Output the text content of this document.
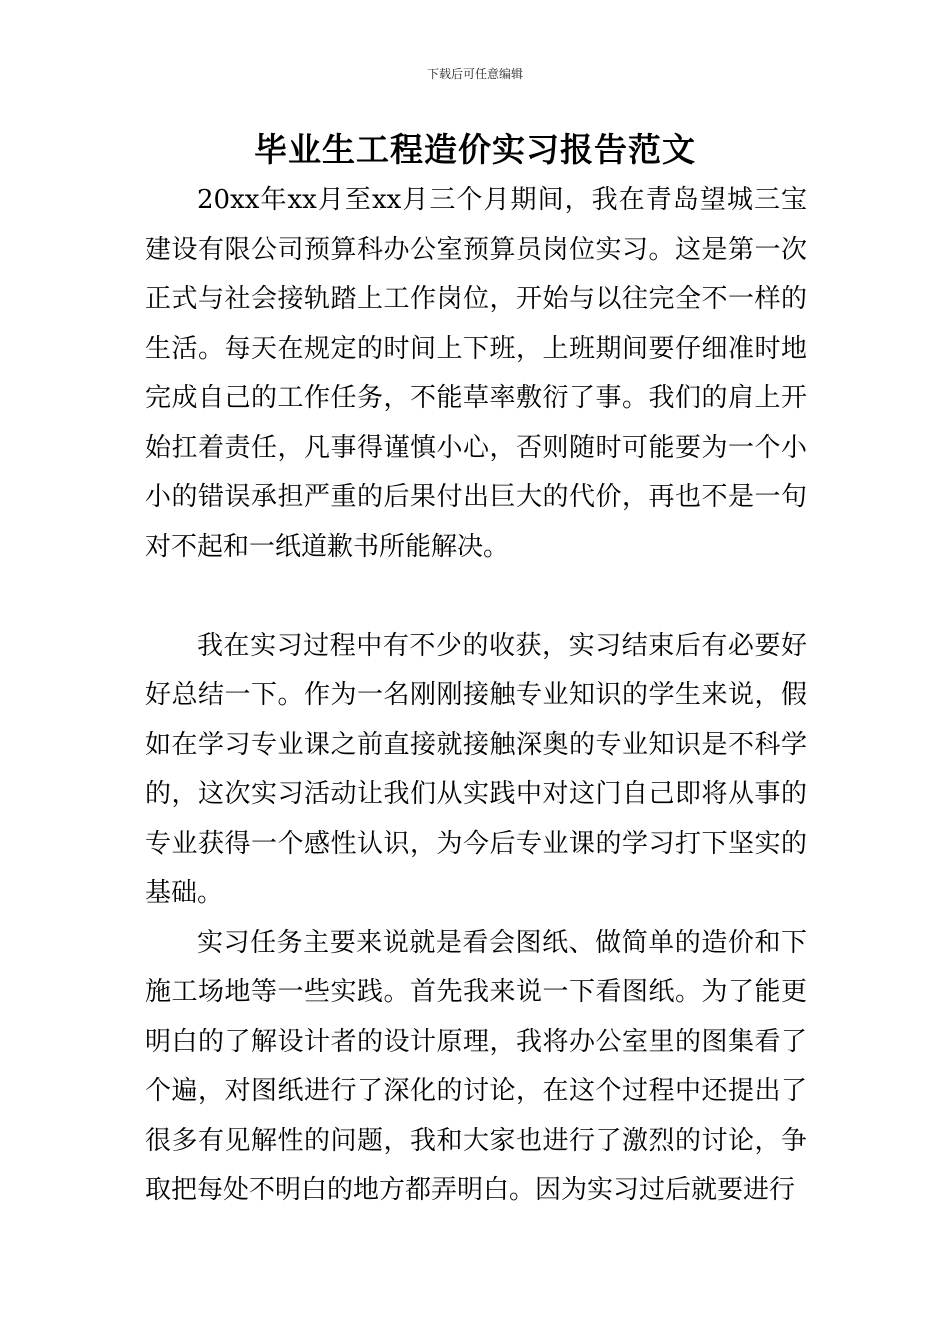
下载后可任意编辑
毕业生工程造价实习报告范文

20xx年xx月至xx月三个月期间，我在青岛望城三宝建设有限公司预算科办公室预算员岗位实习。这是第一次正式与社会接轨踏上工作岗位，开始与以往完全不一样的生活。每天在规定的时间上下班，上班期间要仔细准时地完成自己的工作任务，不能草率敷衍了事。我们的肩上开始扛着责任，凡事得谨慎小心，否则随时可能要为一个小小的错误承担严重的后果付出巨大的代价，再也不是一句对不起和一纸道歉书所能解决。

我在实习过程中有不少的收获，实习结束后有必要好好总结一下。作为一名刚刚接触专业知识的学生来说，假如在学习专业课之前直接就接触深奥的专业知识是不科学的，这次实习活动让我们从实践中对这门自己即将从事的专业获得一个感性认识，为今后专业课的学习打下坚实的基础。

实习任务主要来说就是看会图纸、做简单的造价和下施工场地等一些实践。首先我来说一下看图纸。为了能更明白的了解设计者的设计原理，我将办公室里的图集看了个遍，对图纸进行了深化的讨论，在这个过程中还提出了很多有见解性的问题，我和大家也进行了激烈的讨论，争取把每处不明白的地方都弄明白。因为实习过后就要进行
